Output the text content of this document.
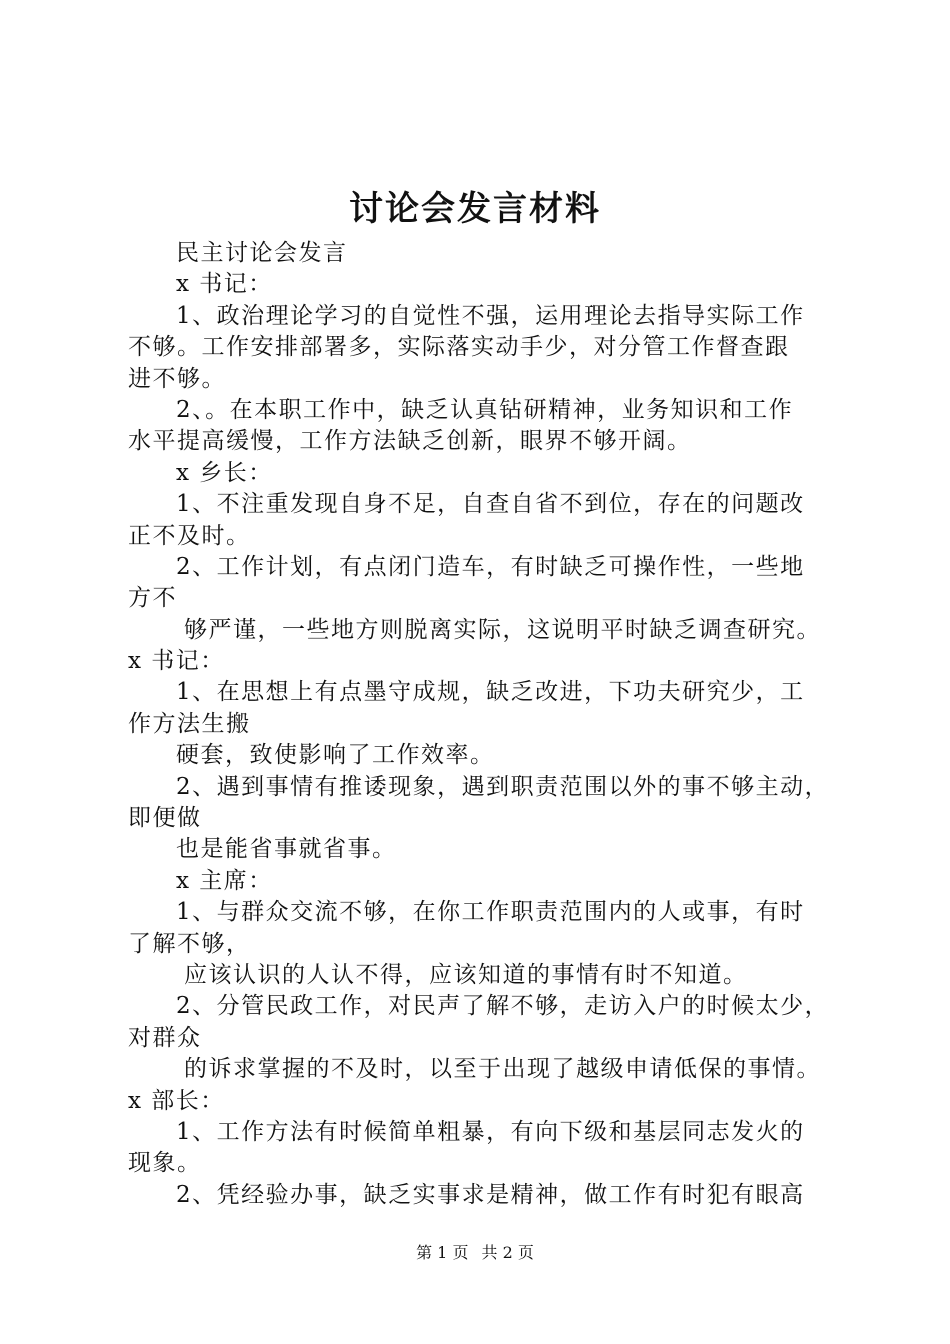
讨论会发言材料
民主讨论会发言
x 书记：
1、政治理论学习的自觉性不强，运用理论去指导实际工作
不够。工作安排部署多，实际落实动手少，对分管工作督查跟
进不够。
2、。在本职工作中，缺乏认真钻研精神，业务知识和工作
水平提高缓慢，工作方法缺乏创新，眼界不够开阔。
x 乡长：
1、不注重发现自身不足，自查自省不到位，存在的问题改
正不及时。
2、工作计划，有点闭门造车，有时缺乏可操作性，一些地
方不
够严谨，一些地方则脱离实际，这说明平时缺乏调查研究。
x 书记：
1、在思想上有点墨守成规，缺乏改进，下功夫研究少，工
作方法生搬
硬套，致使影响了工作效率。
2、遇到事情有推诿现象，遇到职责范围以外的事不够主动，
即便做
也是能省事就省事。
x 主席：
1、与群众交流不够，在你工作职责范围内的人或事，有时
了解不够，
应该认识的人认不得，应该知道的事情有时不知道。
2、分管民政工作，对民声了解不够，走访入户的时候太少，
对群众
的诉求掌握的不及时，以至于出现了越级申请低保的事情。
x 部长：
1、工作方法有时候简单粗暴，有向下级和基层同志发火的
现象。
2、凭经验办事，缺乏实事求是精神，做工作有时犯有眼高
第 1 页 共 2 页
